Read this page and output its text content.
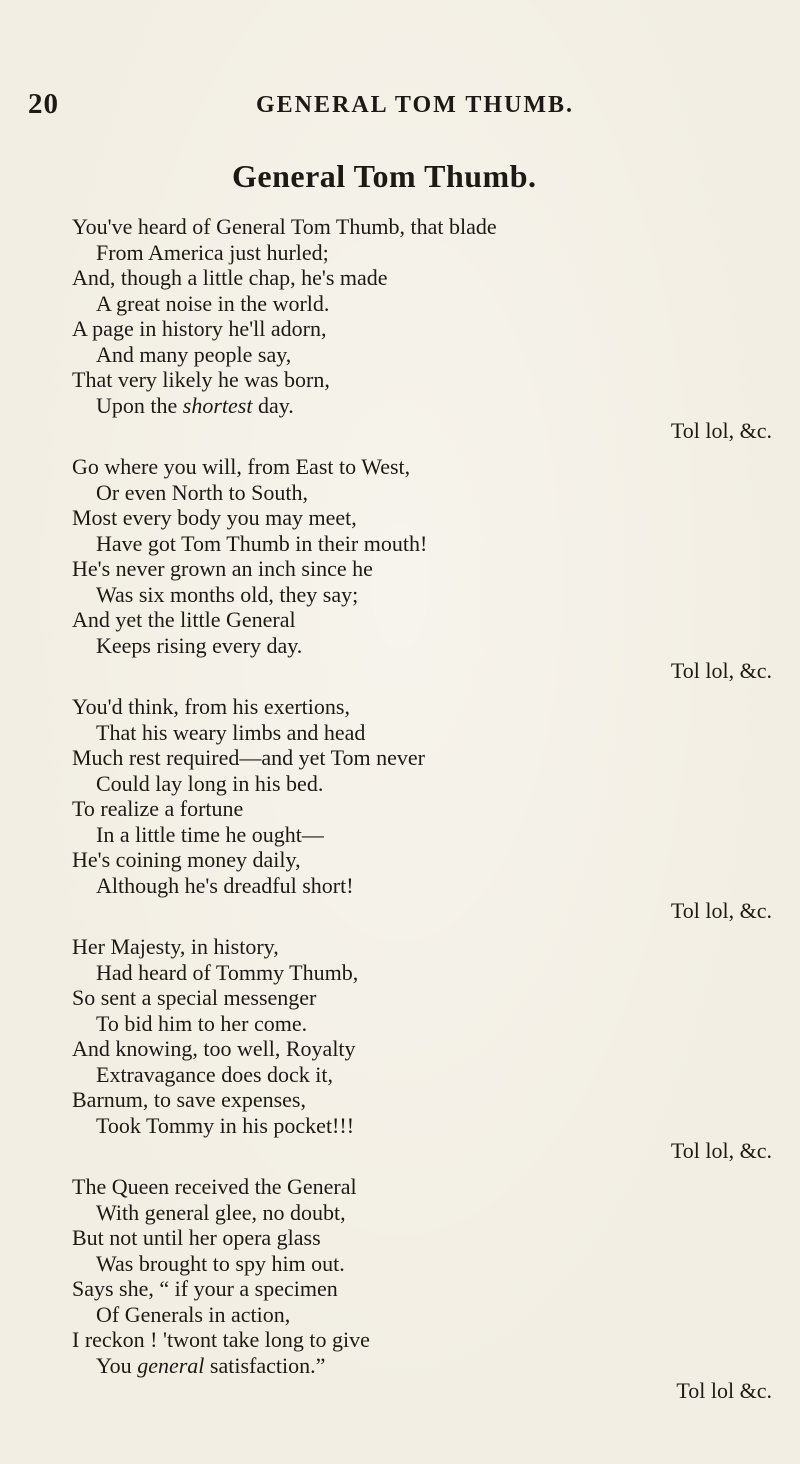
20	GENERAL TOM THUMB.
General Tom Thumb.
You've heard of General Tom Thumb, that blade
From America just hurled;
And, though a little chap, he's made
A great noise in the world.
A page in history he'll adorn,
And many people say,
That very likely he was born,
Upon the shortest day.
Tol lol, &c.
Go where you will, from East to West,
Or even North to South,
Most every body you may meet,
Have got Tom Thumb in their mouth!
He's never grown an inch since he
Was six months old, they say;
And yet the little General
Keeps rising every day.
Tol lol, &c.
You'd think, from his exertions,
That his weary limbs and head
Much rest required—and yet Tom never
Could lay long in his bed.
To realize a fortune
In a little time he ought—
He's coining money daily,
Although he's dreadful short!
Tol lol, &c.
Her Majesty, in history,
Had heard of Tommy Thumb,
So sent a special messenger
To bid him to her come.
And knowing, too well, Royalty
Extravagance does dock it,
Barnum, to save expenses,
Took Tommy in his pocket!!!
Tol lol, &c.
The Queen received the General
With general glee, no doubt,
But not until her opera glass
Was brought to spy him out.
Says she, “ if your a specimen
Of Generals in action,
I reckon ! 'twont take long to give
You general satisfaction.”
Tol lol &c.
